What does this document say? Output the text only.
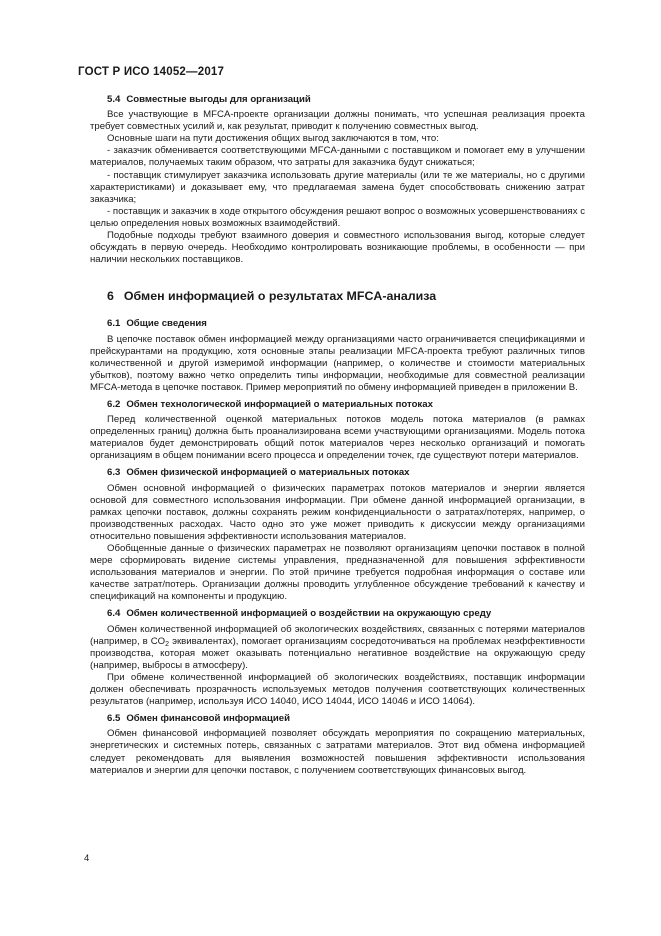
ГОСТ Р ИСО 14052—2017
5.4 Совместные выгоды для организаций

Все участвующие в MFCA-проекте организации должны понимать, что успешная реализация проекта требует совместных усилий и, как результат, приводит к получению совместных выгод.

Основные шаги на пути достижения общих выгод заключаются в том, что:

- заказчик обменивается соответствующими MFCA-данными с поставщиком и помогает ему в улучшении материалов, получаемых таким образом, что затраты для заказчика будут снижаться;

- поставщик стимулирует заказчика использовать другие материалы (или те же материалы, но с другими характеристиками) и доказывает ему, что предлагаемая замена будет способствовать снижению затрат заказчика;

- поставщик и заказчик в ходе открытого обсуждения решают вопрос о возможных усовершенствованиях с целью определения новых возможных взаимодействий.

Подобные подходы требуют взаимного доверия и совместного использования выгод, которые следует обсуждать в первую очередь. Необходимо контролировать возникающие проблемы, в особенности — при наличии нескольких поставщиков.

6 Обмен информацией о результатах MFCA-анализа
6.1 Общие сведения

В цепочке поставок обмен информацией между организациями часто ограничивается спецификациями и прейскурантами на продукцию, хотя основные этапы реализации MFCA-проекта требуют различных типов количественной и другой измеримой информации (например, о количестве и стоимости материальных убытков), поэтому важно четко определить типы информации, необходимые для совместной реализации MFCA-метода в цепочке поставок. Пример мероприятий по обмену информацией приведен в приложении В.

6.2 Обмен технологической информацией о материальных потоках

Перед количественной оценкой материальных потоков модель потока материалов (в рамках определенных границ) должна быть проанализирована всеми участвующими организациями. Модель потока материалов будет демонстрировать общий поток материалов через несколько организаций и помогать организациям в общем понимании всего процесса и определении точек, где существуют потери материалов.

6.3 Обмен физической информацией о материальных потоках

Обмен основной информацией о физических параметрах потоков материалов и энергии является основой для совместного использования информации. При обмене данной информацией организации, в рамках цепочки поставок, должны сохранять режим конфиденциальности о затратах/потерях, например, о производственных расходах. Часто одно это уже может приводить к дискуссии между организациями относительно повышения эффективности использования материалов.

Обобщенные данные о физических параметрах не позволяют организациям цепочки поставок в полной мере сформировать видение системы управления, предназначенной для повышения эффективности использования материалов и энергии. По этой причине требуется подробная информация о составе или качестве затрат/потерь. Организации должны проводить углубленное обсуждение требований к качеству и спецификаций на компоненты и продукцию.

6.4 Обмен количественной информацией о воздействии на окружающую среду

Обмен количественной информацией об экологических воздействиях, связанных с потерями материалов (например, в $CO_2$ эквивалентах), помогает организациям сосредоточиваться на проблемах неэффективности производства, которая может оказывать потенциально негативное воздействие на окружающую среду (например, выбросы в атмосферу).

При обмене количественной информацией об экологических воздействиях, поставщик информации должен обеспечивать прозрачность используемых методов получения соответствующих количественных результатов (например, используя ИСО 14040, ИСО 14044, ИСО 14046 и ИСО 14064).

6.5 Обмен финансовой информацией

Обмен финансовой информацией позволяет обсуждать мероприятия по сокращению материальных, энергетических и системных потерь, связанных с затратами материалов. Этот вид обмена информацией следует рекомендовать для выявления возможностей повышения эффективности использования материалов и энергии для цепочки поставок, с получением соответствующих финансовых выгод.

4
